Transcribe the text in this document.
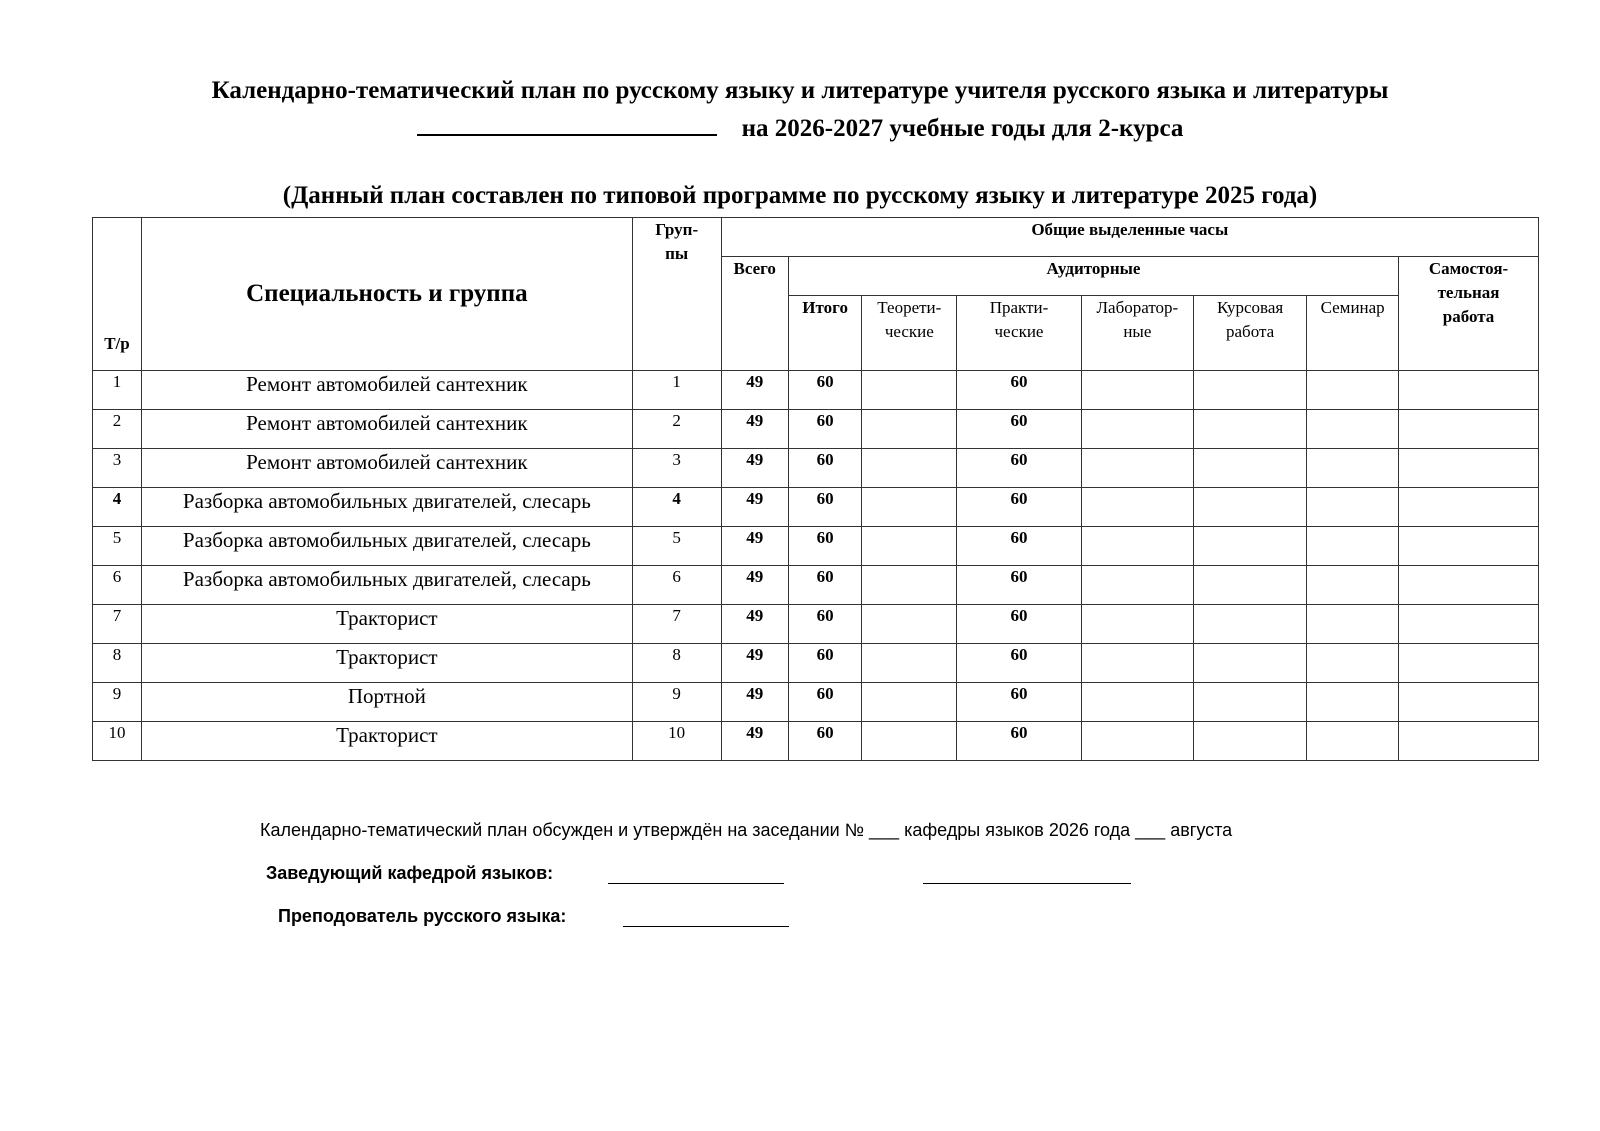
Календарно-тематический план по русскому языку и литературе учителя русского языка и литературы
на 2026-2027 учебные годы для 2-курса
(Данный план составлен по типовой программе по русскому языку и литературе 2025 года)
Т/р	Специальность и группа	Груп-пы	Общие выделенные часы							
			Всего	Аудиторные						Самостоя-тельная работа
				Итого	Теорети-ческие	Практи-ческие	Лаборатор-ные	Курсовая работа	Семинар	
1	Ремонт автомобилей сантехник	1	49	60		60				
2	Ремонт автомобилей сантехник	2	49	60		60				
3	Ремонт автомобилей сантехник	3	49	60		60				
4	Разборка автомобильных двигателей, слесарь	4	49	60		60				
5	Разборка автомобильных двигателей, слесарь	5	49	60		60				
6	Разборка автомобильных двигателей, слесарь	6	49	60		60				
7	Тракторист	7	49	60		60				
8	Тракторист	8	49	60		60				
9	Портной	9	49	60		60				
10	Тракторист	10	49	60		60				
Календарно-тематический план обсужден и утверждён на заседании № ___ кафедры языков 2026 года ___ августа
Заведующий кафедрой языков:
Преподователь русского языка:
